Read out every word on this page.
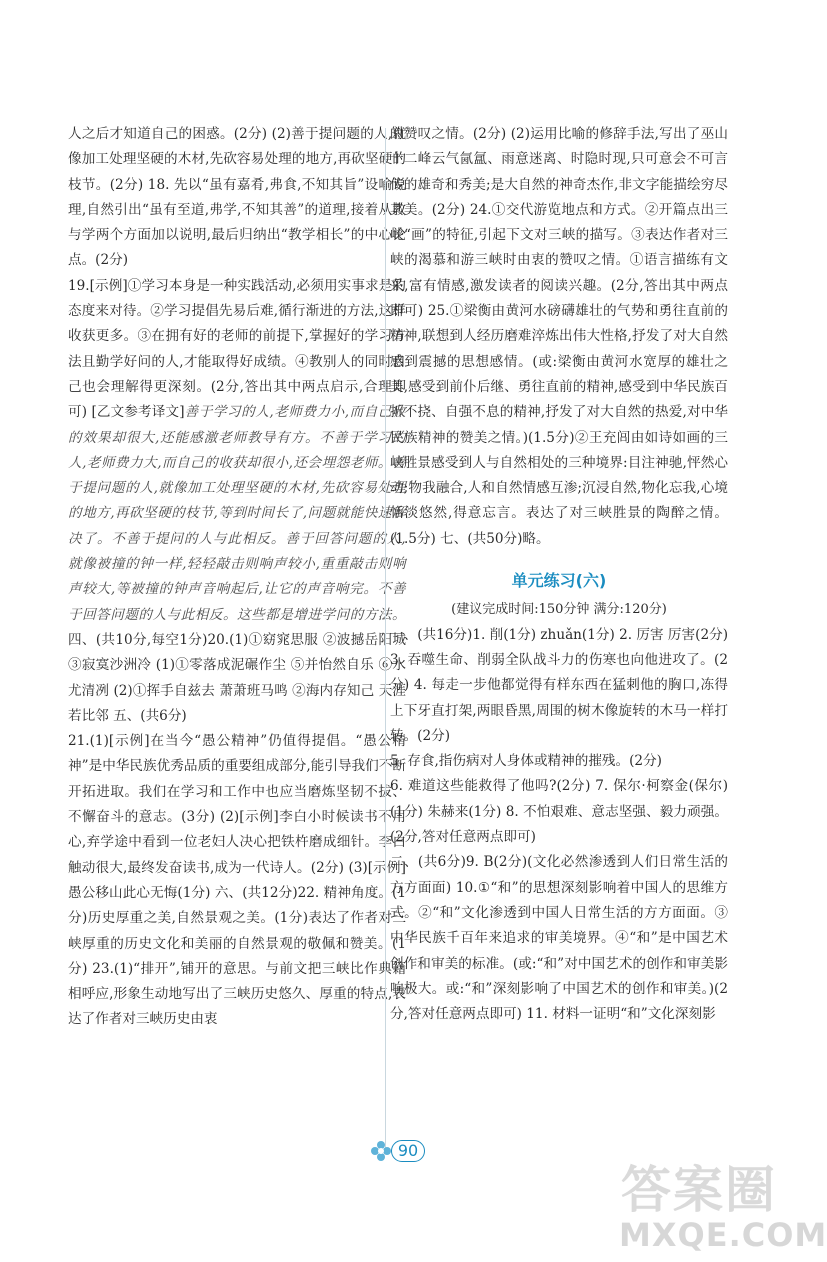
人之后才知道自己的困惑。(2分) (2)善于提问题的人,就像加工处理坚硬的木材,先砍容易处理的地方,再砍坚硬的枝节。(2分) 18. 先以“虽有嘉肴,弗食,不知其旨”设喻说理,自然引出“虽有至道,弗学,不知其善”的道理,接着从教与学两个方面加以说明,最后归纳出“教学相长”的中心论点。(2分)

19.[示例]①学习本身是一种实践活动,必须用实事求是的态度来对待。②学习提倡先易后难,循行渐进的方法,这样收获更多。③在拥有好的老师的前提下,掌握好的学习方法且勤学好问的人,才能取得好成绩。④教别人的同时自己也会理解得更深刻。(2分,答出其中两点启示,合理即可) [乙文参考译文]善于学习的人,老师费力小,而自己收的效果却很大,还能感激老师教导有方。不善于学习的人,老师费力大,而自己的收获却很小,还会埋怨老师。善于提问题的人,就像加工处理坚硬的木材,先砍容易处理的地方,再砍坚硬的枝节,等到时间长了,问题就能快速解决了。不善于提问的人与此相反。善于回答问题的人,就像被撞的钟一样,轻轻敲击则响声较小,重重敲击则响声较大,等被撞的钟声音响起后,让它的声音响完。不善于回答问题的人与此相反。这些都是增进学问的方法。 四、(共10分,每空1分)20.(1)①窈窕思服 ②波撼岳阳城 ③寂寞沙洲冷 (1)①零落成泥碾作尘 ⑤并怡然自乐 ⑥水尤清冽 (2)①挥手自兹去 萧萧班马鸣 ②海内存知己 天涯若比邻 五、(共6分)

21.(1)[示例]在当今“愚公精神”仍值得提倡。“愚公精神”是中华民族优秀品质的重要组成部分,能引导我们不断开拓进取。我们在学习和工作中也应当磨炼坚韧不拔、不懈奋斗的意志。(3分) (2)[示例]李白小时候读书不用心,弃学途中看到一位老妇人决心把铁杵磨成细针。李白触动很大,最终发奋读书,成为一代诗人。(2分) (3)[示例]愚公移山此心无悔(1分) 六、(共12分)22. 精神角度。(1分)历史厚重之美,自然景观之美。(1分)表达了作者对三峡厚重的历史文化和美丽的自然景观的敬佩和赞美。(1分) 23.(1)“排开”,铺开的意思。与前文把三峡比作典籍相呼应,形象生动地写出了三峡历史悠久、厚重的特点,表达了作者对三峡历史由衷

的赞叹之情。(2分) (2)运用比喻的修辞手法,写出了巫山十二峰云气氤氲、雨意迷离、时隐时现,只可意会不可言传的雄奇和秀美;是大自然的神奇杰作,非文字能描绘穷尽其美。(2分) 24.①交代游览地点和方式。②开篇点出三峡“画”的特征,引起下文对三峡的描写。③表达作者对三峡的渴慕和游三峡时由衷的赞叹之情。①语言描练有文采,富有情感,激发读者的阅读兴趣。(2分,答出其中两点即可) 25.①梁衡由黄河水磅礴雄壮的气势和勇往直前的精神,联想到人经历磨难淬炼出伟大性格,抒发了对大自然感到震撼的思想感情。(或:梁衡由黄河水宽厚的雄壮之美,感受到前仆后继、勇往直前的精神,感受到中华民族百折不挠、自强不息的精神,抒发了对大自然的热爱,对中华民族精神的赞美之情。)(1.5分)②王充闾由如诗如画的三峡胜景感受到人与自然相处的三种境界:目注神驰,怦然心动;物我融合,人和自然情感互渗;沉浸自然,物化忘我,心境恬淡悠然,得意忘言。表达了对三峡胜景的陶醉之情。(1.5分) 七、(共50分)略。

单元练习(六)

(建议完成时间:150分钟 满分:120分)

一、(共16分)1. 削(1分) zhuǎn(1分) 2. 厉害 厉害(2分) 3. 吞噬生命、削弱全队战斗力的伤寒也向他进攻了。(2分) 4. 每走一步他都觉得有样东西在猛刺他的胸口,冻得上下牙直打架,两眼昏黑,周围的树木像旋转的木马一样打转。(2分)

5. 存食,指伤病对人身体或精神的摧残。(2分)

6. 难道这些能救得了他吗?(2分) 7. 保尔·柯察金(保尔)(1分) 朱赫来(1分) 8. 不怕艰难、意志坚强、毅力顽强。(2分,答对任意两点即可)

二、(共6分)9. B(2分)(文化必然渗透到人们日常生活的方方面面) 10.①“和”的思想深刻影响着中国人的思维方式。②“和”文化渗透到中国人日常生活的方方面面。③中华民族千百年来追求的审美境界。④“和”是中国艺术创作和审美的标准。(或:“和”对中国艺术的创作和审美影响极大。或:“和”深刻影响了中国艺术的创作和审美。)(2分,答对任意两点即可) 11. 材料一证明“和”文化深刻影

90
答案圈
MXQE.COM
